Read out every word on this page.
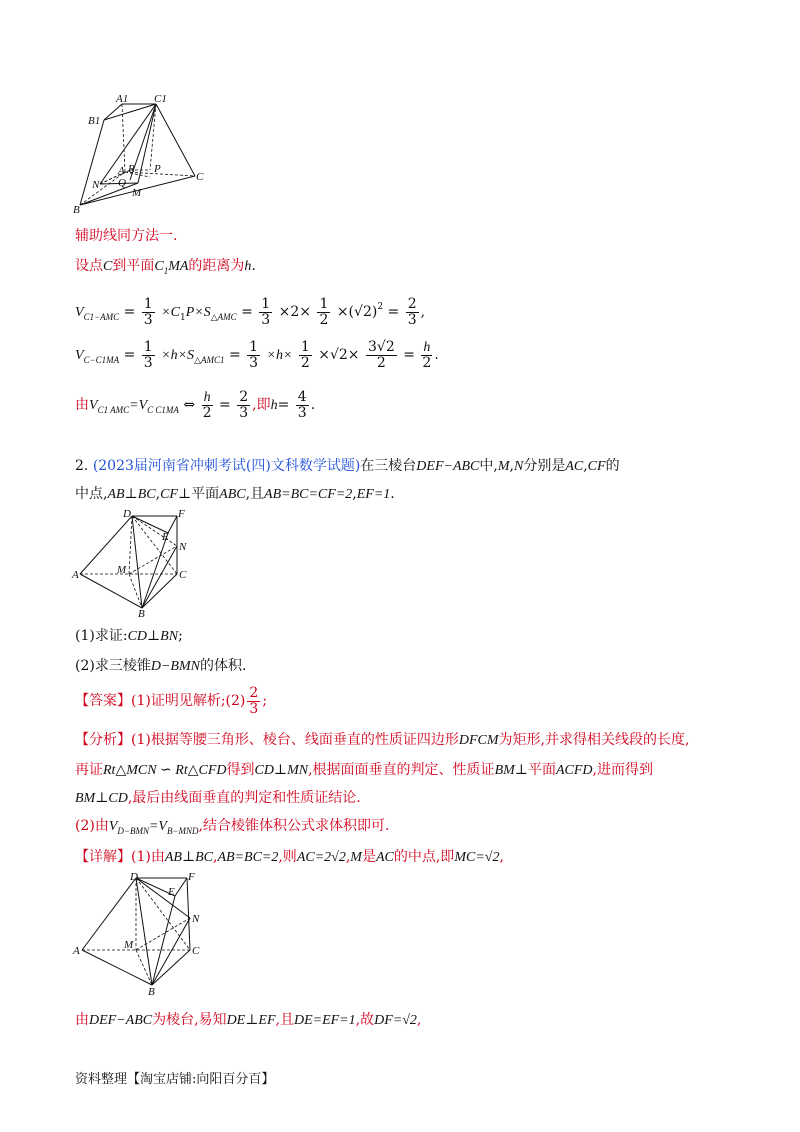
A1 C1
B1
A R P
N Q	C
M
B
辅助线同方法一.
设点C到平面$C_1MA$的距离为h.
$V_{C1-AMC} = \frac{1}{3} \times C_1P\times S_{\triangle AMC} = \frac{1}{3} \times 2\times \frac{1}{2} \times(√2)^2 = \frac{2}{3}$ ,
$V_{C-C1MA} = \frac{1}{3} \times h\times S_{\triangle AMC1} = \frac{1}{3} \times h\times \frac{1}{2} \times√2\times \frac{3√2}{2} = \frac{h}{2}$ .
由$V_{C1 AMC}=V_{C C1MA}$ ⇔ $\frac{h}{2} = \frac{2}{3}$ ,即$h= \frac{4}{3}$ .
2. (2023届河南省冲刺考试(四)文科数学试题)在三棱台DEF−ABC中,M,N分别是AC,CF的
中点,AB⊥BC,CF⊥平面ABC,且AB=BC=CF=2,EF=1.
D	F
E
N
M
A	C
B
(1)求证:CD⊥BN;
(2)求三棱锥D−BMN的体积.
【答案】(1)证明见解析;(2) $\frac{2}{3}$ ;
【分析】(1)根据等腰三角形、棱台、线面垂直的性质证四边形DFCM为矩形,并求得相关线段的长度,
再证Rt△MCN ∽ Rt△CFD得到CD⊥MN,根据面面垂直的判定、性质证BM⊥平面ACFD,进而得到
BM⊥CD,最后由线面垂直的判定和性质证结论.
(2)由$V_{D-BMN}=V_{B-MND}$,结合棱锥体积公式求体积即可.
【详解】(1)由AB⊥BC,AB=BC=2,则AC=2√2,M是AC的中点,即MC=√2,
D	F
E
N
M
A	C
B
由DEF−ABC为棱台,易知DE⊥EF,且DE=EF=1,故DF=√2,
资料整理【淘宝店铺:向阳百分百】
